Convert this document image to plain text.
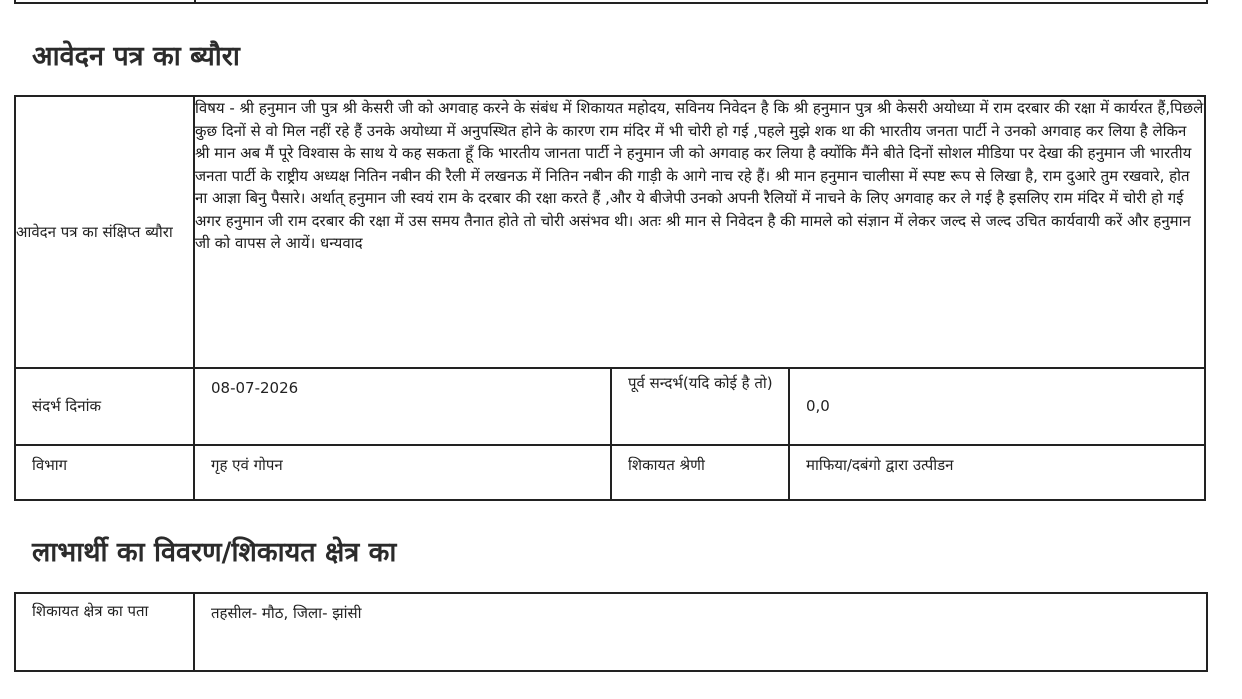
आवेदन पत्र का ब्यौरा
आवेदन पत्र का संक्षिप्त ब्यौरा	विषय - श्री हनुमान जी पुत्र श्री केसरी जी को अगवाह करने के संबंध में शिकायत महोदय, सविनय निवेदन है कि श्री हनुमान पुत्र श्री केसरी अयोध्या में राम दरबार की रक्षा में कार्यरत हैं,पिछले कुछ दिनों से वो मिल नहीं रहे हैं उनके अयोध्या में अनुपस्थित होने के कारण राम मंदिर में भी चोरी हो गई ,पहले मुझे शक था की भारतीय जनता पार्टी ने उनको अगवाह कर लिया है लेकिन श्री मान अब मैं पूरे विश्वास के साथ ये कह सकता हूँ कि भारतीय जानता पार्टी ने हनुमान जी को अगवाह कर लिया है क्योंकि मैंने बीते दिनों सोशल मीडिया पर देखा की हनुमान जी भारतीय जनता पार्टी के राष्ट्रीय अध्यक्ष नितिन नबीन की रैली में लखनऊ में नितिन नबीन की गाड़ी के आगे नाच रहे हैं। श्री मान हनुमान चालीसा में स्पष्ट रूप से लिखा है, राम दुआरे तुम रखवारे, होत ना आज्ञा बिनु पैसारे। अर्थात् हनुमान जी स्वयं राम के दरबार की रक्षा करते हैं ,और ये बीजेपी उनको अपनी रैलियों में नाचने के लिए अगवाह कर ले गई है इसलिए राम मंदिर में चोरी हो गई अगर हनुमान जी राम दरबार की रक्षा में उस समय तैनात होते तो चोरी असंभव थी। अतः श्री मान से निवेदन है की मामले को संज्ञान में लेकर जल्द से जल्द उचित कार्यवायी करें और हनुमान जी को वापस ले आयें। धन्यवाद		

संदर्भ दिनांक	08-07-2026	पूर्व सन्दर्भ(यदि कोई है तो)	0,0

विभाग	गृह एवं गोपन	शिकायत श्रेणी	माफिया/दबंगो द्वारा उत्पीडन
लाभार्थी का विवरण/शिकायत क्षेत्र का
शिकायत क्षेत्र का पता	तहसील- मौठ, जिला- झांसी
